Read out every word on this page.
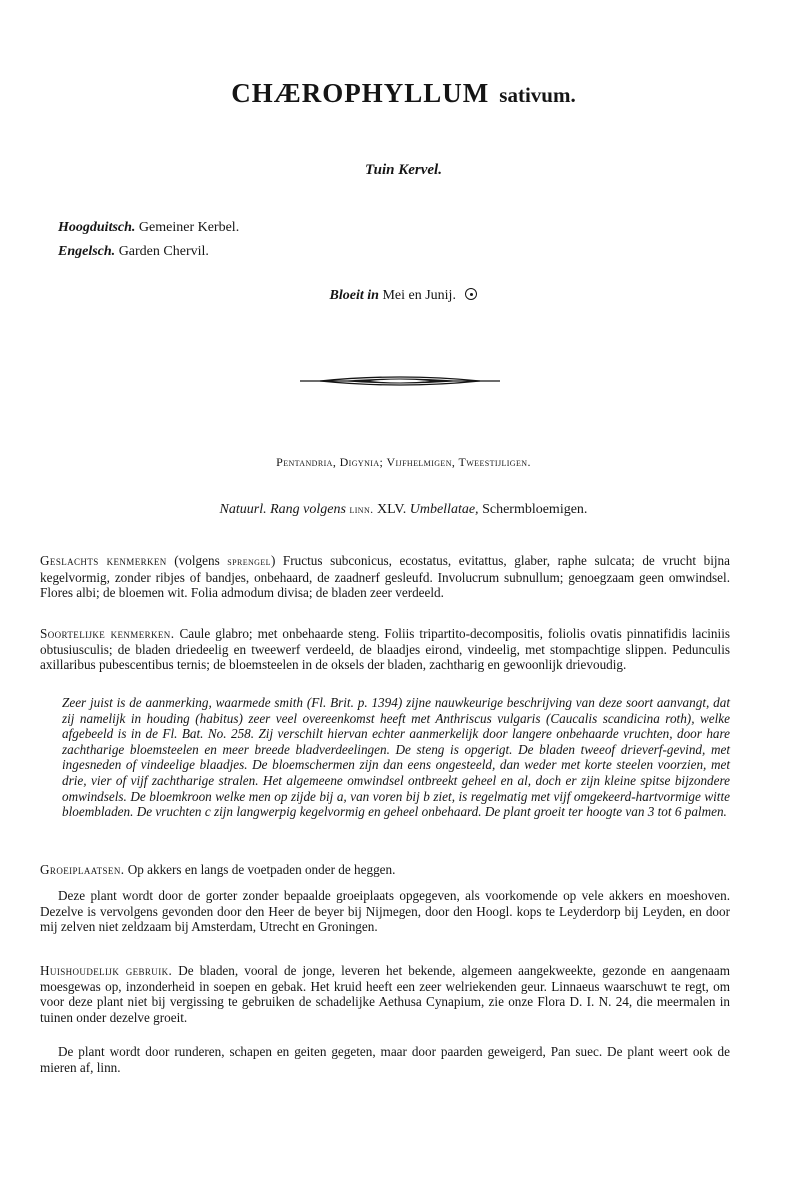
CHÆROPHYLLUM sativum.
Tuin Kervel.
Hoogduitsch. Gemeiner Kerbel.
Engelsch. Garden Chervil.
Bloeit in Mei en Junij.
Pentandria, Digynia; Vijfhelmigen, Tweestijligen.
Natuurl. Rang volgens linn. XLV. Umbellatae, Schermbloemigen.
Geslachts kenmerken (volgens sprengel) Fructus subconicus, ecostatus, evitattus, glaber, raphe sulcata; de vrucht bijna kegelvormig, zonder ribjes of bandjes, onbehaard, de zaadnerf gesleufd. Involucrum subnullum; genoegzaam geen omwindsel. Flores albi; de bloemen wit. Folia admodum divisa; de bladen zeer verdeeld.
Soortelijke kenmerken. Caule glabro; met onbehaarde steng. Foliis tripartito-decompositis, foliolis ovatis pinnatifidis laciniis obtusiusculis; de bladen driedeelig en tweewerf verdeeld, de blaadjes eirond, vindeelig, met stompachtige slippen. Pedunculis axillaribus pubescentibus ternis; de bloemsteelen in de oksels der bladen, zachtharig en gewoonlijk drievoudig.
Zeer juist is de aanmerking, waarmede smith (Fl. Brit. p. 1394) zijne nauwkeurige beschrijving van deze soort aanvangt, dat zij namelijk in houding (habitus) zeer veel overeenkomst heeft met Anthriscus vulgaris (Caucalis scandicina roth), welke afgebeeld is in de Fl. Bat. No. 258. Zij verschilt hiervan echter aanmerkelijk door langere onbehaarde vruchten, door hare zachtharige bloemsteelen en meer breede bladverdeelingen. De steng is opgerigt. De bladen tweeof drieverf-gevind, met ingesneden of vindeelige blaadjes. De bloemschermen zijn dan eens ongesteeld, dan weder met korte steelen voorzien, met drie, vier of vijf zachtharige stralen. Het algemeene omwindsel ontbreekt geheel en al, doch er zijn kleine spitse bijzondere omwindsels. De bloemkroon welke men op zijde bij a, van voren bij b ziet, is regelmatig met vijf omgekeerd-hartvormige witte bloembladen. De vruchten c zijn langwerpig kegelvormig en geheel onbehaard. De plant groeit ter hoogte van 3 tot 6 palmen.
Groeiplaatsen. Op akkers en langs de voetpaden onder de heggen.
Deze plant wordt door de gorter zonder bepaalde groeiplaats opgegeven, als voorkomende op vele akkers en moeshoven. Dezelve is vervolgens gevonden door den Heer de beyer bij Nijmegen, door den Hoogl. kops te Leyderdorp bij Leyden, en door mij zelven niet zeldzaam bij Amsterdam, Utrecht en Groningen.
Huishoudelijk gebruik. De bladen, vooral de jonge, leveren het bekende, algemeen aangekweekte, gezonde en aangenaam moesgewas op, inzonderheid in soepen en gebak. Het kruid heeft een zeer welriekenden geur. Linnaeus waarschuwt te regt, om voor deze plant niet bij vergissing te gebruiken de schadelijke Aethusa Cynapium, zie onze Flora D. I. N. 24, die meermalen in tuinen onder dezelve groeit.
De plant wordt door runderen, schapen en geiten gegeten, maar door paarden geweigerd, Pan suec. De plant weert ook de mieren af, linn.
